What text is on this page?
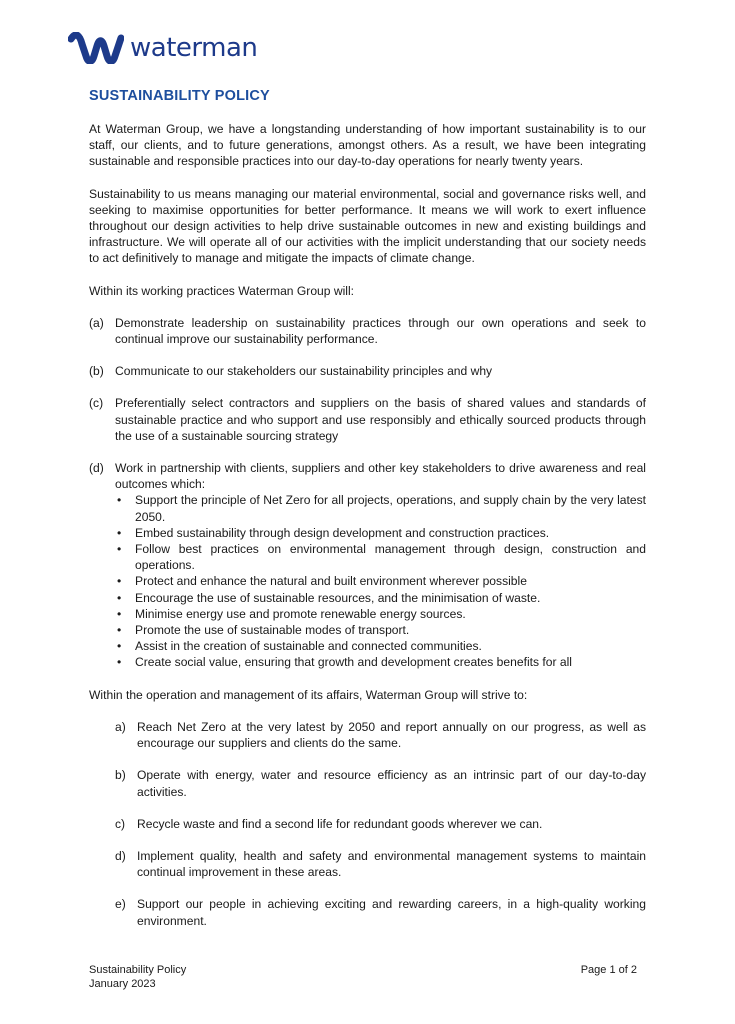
waterman
SUSTAINABILITY POLICY

At Waterman Group, we have a longstanding understanding of how important sustainability is to our staff, our clients, and to future generations, amongst others. As a result, we have been integrating sustainable and responsible practices into our day-to-day operations for nearly twenty years.

Sustainability to us means managing our material environmental, social and governance risks well, and seeking to maximise opportunities for better performance. It means we will work to exert influence throughout our design activities to help drive sustainable outcomes in new and existing buildings and infrastructure. We will operate all of our activities with the implicit understanding that our society needs to act definitively to manage and mitigate the impacts of climate change.

Within its working practices Waterman Group will:

(a) Demonstrate leadership on sustainability practices through our own operations and seek to continual improve our sustainability performance.
(b) Communicate to our stakeholders our sustainability principles and why
(c) Preferentially select contractors and suppliers on the basis of shared values and standards of sustainable practice and who support and use responsibly and ethically sourced products through the use of a sustainable sourcing strategy
(d) Work in partnership with clients, suppliers and other key stakeholders to drive awareness and real outcomes which:
•	Support the principle of Net Zero for all projects, operations, and supply chain by the very latest 2050.
•	Embed sustainability through design development and construction practices.
•	Follow best practices on environmental management through design, construction and operations.
•	Protect and enhance the natural and built environment wherever possible
•	Encourage the use of sustainable resources, and the minimisation of waste.
•	Minimise energy use and promote renewable energy sources.
•	Promote the use of sustainable modes of transport.
•	Assist in the creation of sustainable and connected communities.
•	Create social value, ensuring that growth and development creates benefits for all

Within the operation and management of its affairs, Waterman Group will strive to:

a) Reach Net Zero at the very latest by 2050 and report annually on our progress, as well as encourage our suppliers and clients do the same.
b) Operate with energy, water and resource efficiency as an intrinsic part of our day-to-day activities.
c) Recycle waste and find a second life for redundant goods wherever we can.
d) Implement quality, health and safety and environmental management systems to maintain continual improvement in these areas.
e) Support our people in achieving exciting and rewarding careers, in a high-quality working environment.
Sustainability Policy
January 2023
Page 1 of 2
